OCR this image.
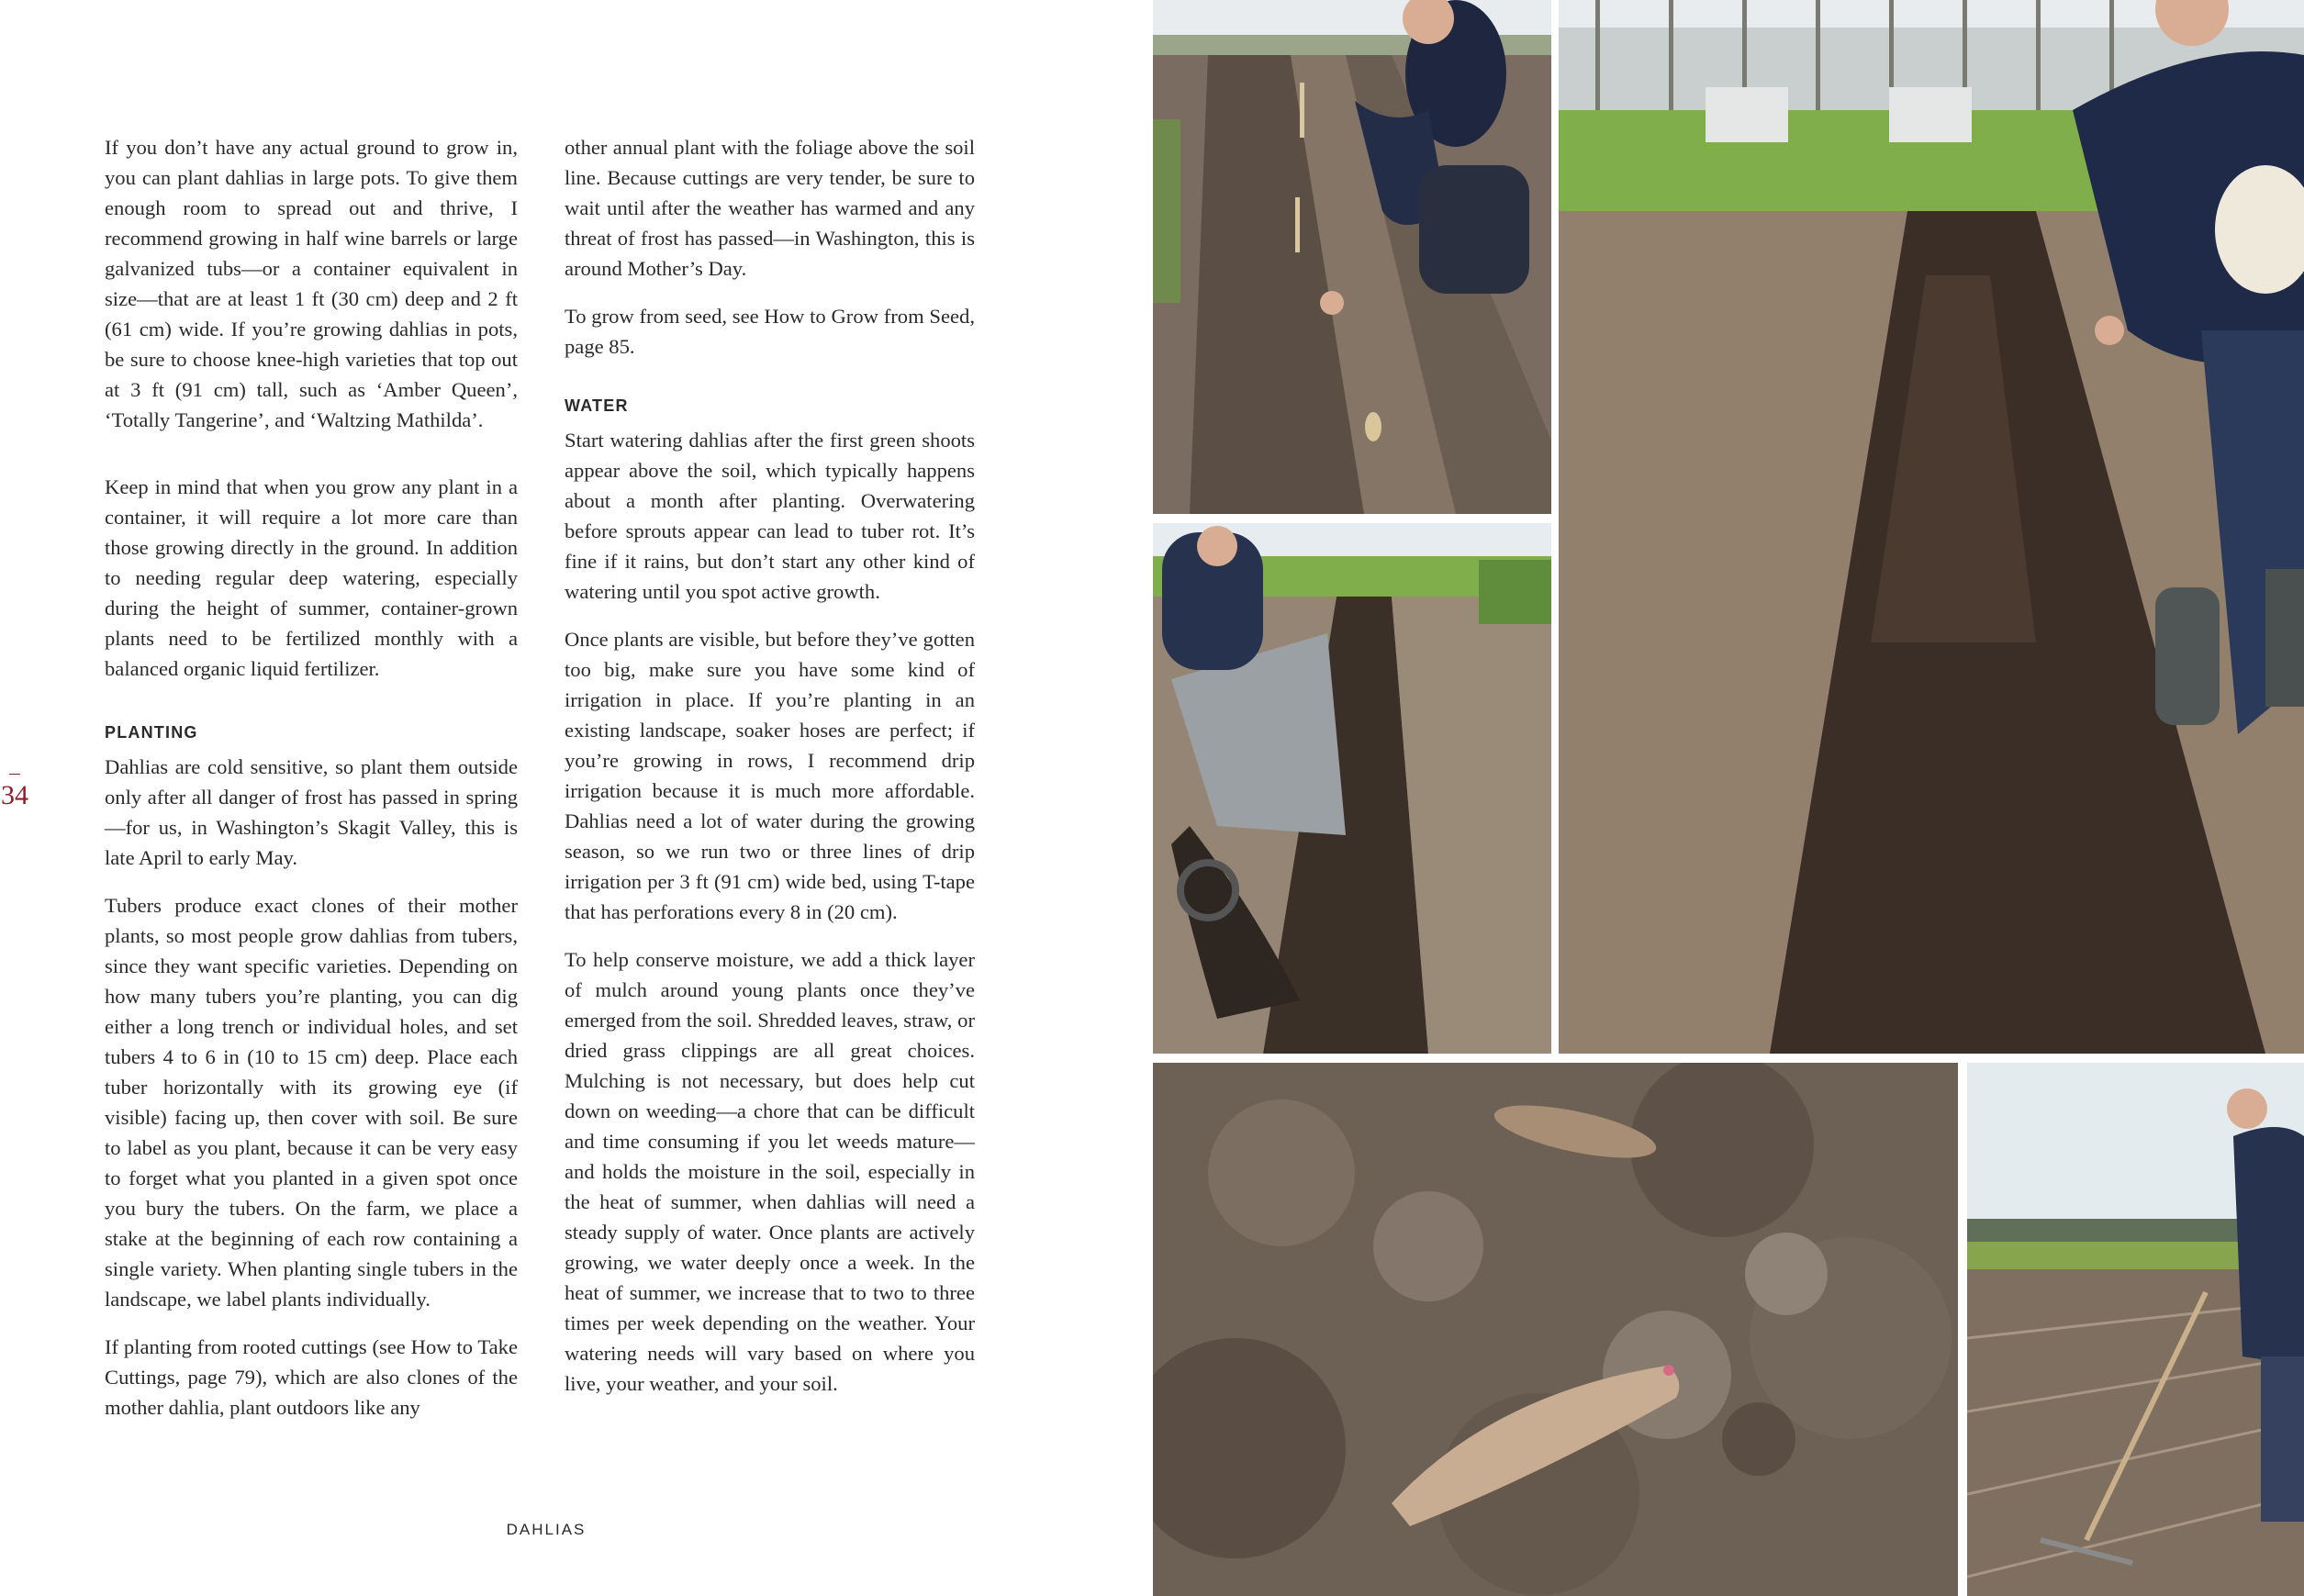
If you don’t have any actual ground to grow in, you can plant dahlias in large pots. To give them enough room to spread out and thrive, I recommend growing in half wine barrels or large galvanized tubs—or a container equivalent in size—that are at least 1 ft (30 cm) deep and 2 ft (61 cm) wide. If you’re growing dahlias in pots, be sure to choose knee-high varieties that top out at 3 ft (91 cm) tall, such as ‘Amber Queen’, ‘Totally Tangerine’, and ‘Waltzing Mathilda’.

Keep in mind that when you grow any plant in a container, it will require a lot more care than those growing directly in the ground. In addition to needing regular deep watering, especially during the height of summer, container-grown plants need to be fertilized monthly with a balanced organic liquid fertilizer.

PLANTING

Dahlias are cold sensitive, so plant them outside only after all danger of frost has passed in spring—for us, in Washington’s Skagit Valley, this is late April to early May.

Tubers produce exact clones of their mother plants, so most people grow dahlias from tubers, since they want specific varieties. Depending on how many tubers you’re planting, you can dig either a long trench or individual holes, and set tubers 4 to 6 in (10 to 15 cm) deep. Place each tuber horizontally with its growing eye (if visible) facing up, then cover with soil. Be sure to label as you plant, because it can be very easy to forget what you planted in a given spot once you bury the tubers. On the farm, we place a stake at the beginning of each row containing a single variety. When planting single tubers in the landscape, we label plants individually.

If planting from rooted cuttings (see How to Take Cuttings, page 79), which are also clones of the mother dahlia, plant outdoors like any

other annual plant with the foliage above the soil line. Because cuttings are very tender, be sure to wait until after the weather has warmed and any threat of frost has passed—in Washington, this is around Mother’s Day.

To grow from seed, see How to Grow from Seed, page 85.

WATER

Start watering dahlias after the first green shoots appear above the soil, which typically happens about a month after planting. Overwatering before sprouts appear can lead to tuber rot. It’s fine if it rains, but don’t start any other kind of watering until you spot active growth.

Once plants are visible, but before they’ve gotten too big, make sure you have some kind of irrigation in place. If you’re planting in an existing landscape, soaker hoses are perfect; if you’re growing in rows, I recommend drip irrigation because it is much more affordable. Dahlias need a lot of water during the growing season, so we run two or three lines of drip irrigation per 3 ft (91 cm) wide bed, using T-tape that has perforations every 8 in (20 cm).

To help conserve moisture, we add a thick layer of mulch around young plants once they’ve emerged from the soil. Shredded leaves, straw, or dried grass clippings are all great choices. Mulching is not necessary, but does help cut down on weeding—a chore that can be difficult and time consuming if you let weeds mature—and holds the moisture in the soil, especially in the heat of summer, when dahlias will need a steady supply of water. Once plants are actively growing, we water deeply once a week. In the heat of summer, we increase that to two to three times per week depending on the weather. Your watering needs will vary based on where you live, your weather, and your soil.

34
DAHLIAS
